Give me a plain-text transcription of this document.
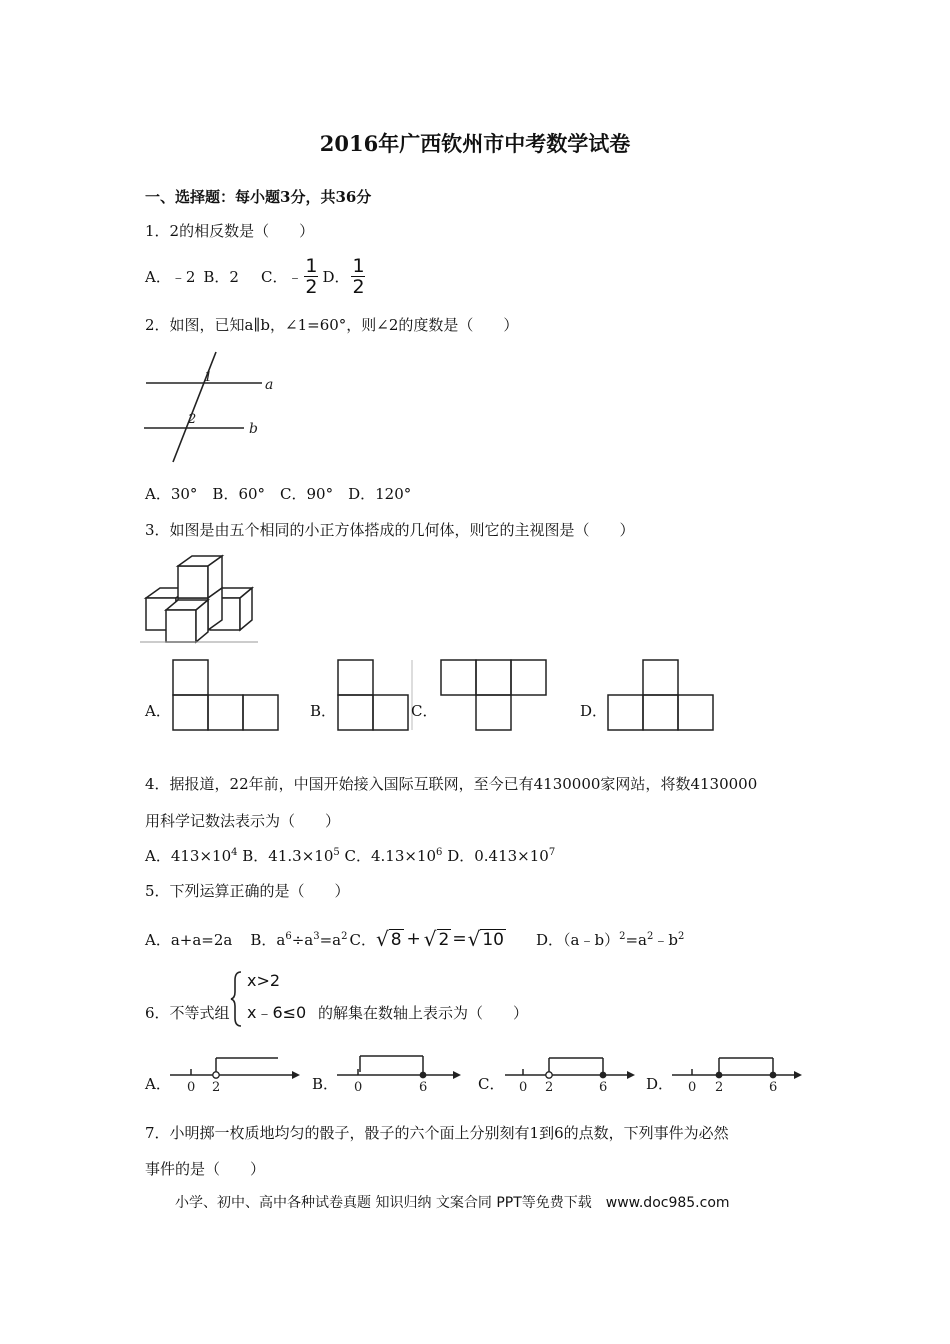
2016年广西钦州市中考数学试卷
一、选择题：每小题3分，共36分
1．2的相反数是（　　）
A．﹣2 B．2 C．﹣ $\frac{1}{2}$ D． $\frac{1}{2}$
2．如图，已知a∥b，∠1=60°，则∠2的度数是（　　）
1
2
a
b
A．30°　B．60°　C．90°　D．120°
3．如图是由五个相同的小正方体搭成的几何体，则它的主视图是（　　）
A．	B．	C．	D．
4．据报道，22年前，中国开始接入国际互联网，至今已有4130000家网站，将数4130000
用科学记数法表示为（　　）
A．$413\times 10^4$ B．$41.3\times 10^5$ C．$4.13\times 10^6$ D．$0.413\times 10^7$
5．下列运算正确的是（　　）
A．a+a=2a B．$a^6\div a^3=a^2$ C． √ 8 + √ 2 = √ 10 D．$(a﹣b)^2=a^2﹣b^2$
6．不等式组
x>2
x﹣6≤0 的解集在数轴上表示为（　　）
A． 0 2	B． 0	6	C． 0 2	6	D． 0 2	6
7．小明掷一枚质地均匀的骰子，骰子的六个面上分别刻有1到6的点数，下列事件为必然
事件的是（　　）
小学、初中、高中各种试卷真题 知识归纳 文案合同 PPT等免费下载　www.doc985.com
